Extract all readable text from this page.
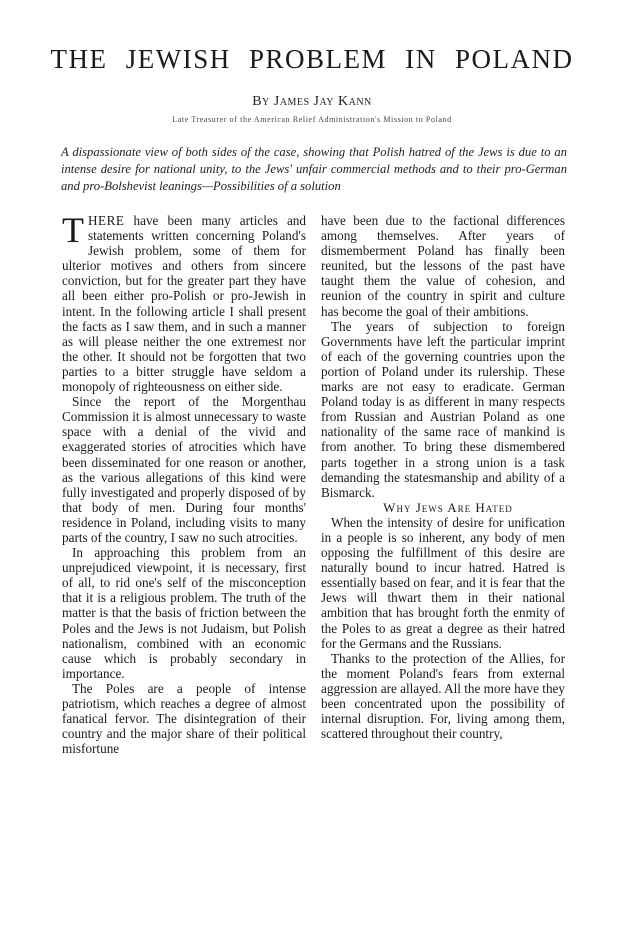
THE JEWISH PROBLEM IN POLAND
By James Jay Kann
Late Treasurer of the American Relief Administration's Mission to Poland
A dispassionate view of both sides of the case, showing that Polish hatred of the Jews is due to an intense desire for national unity, to the Jews' unfair commercial methods and to their pro-German and pro-Bolshevist leanings—Possibilities of a solution

THERE have been many articles and statements written concerning Poland's Jewish problem, some of them for ulterior motives and others from sincere conviction, but for the greater part they have all been either pro-Polish or pro-Jewish in intent. In the following article I shall present the facts as I saw them, and in such a manner as will please neither the one extremest nor the other. It should not be forgotten that two parties to a bitter struggle have seldom a monopoly of righteousness on either side.

Since the report of the Morgenthau Commission it is almost unnecessary to waste space with a denial of the vivid and exaggerated stories of atrocities which have been disseminated for one reason or another, as the various allegations of this kind were fully investigated and properly disposed of by that body of men. During four months' residence in Poland, including visits to many parts of the country, I saw no such atrocities.

In approaching this problem from an unprejudiced viewpoint, it is necessary, first of all, to rid one's self of the misconception that it is a religious problem. The truth of the matter is that the basis of friction between the Poles and the Jews is not Judaism, but Polish nationalism, combined with an economic cause which is probably secondary in importance.

The Poles are a people of intense patriotism, which reaches a degree of almost fanatical fervor. The disintegration of their country and the major share of their political misfortune

have been due to the factional differences among themselves. After years of dismemberment Poland has finally been reunited, but the lessons of the past have taught them the value of cohesion, and reunion of the country in spirit and culture has become the goal of their ambitions.

The years of subjection to foreign Governments have left the particular imprint of each of the governing countries upon the portion of Poland under its rulership. These marks are not easy to eradicate. German Poland today is as different in many respects from Russian and Austrian Poland as one nationality of the same race of mankind is from another. To bring these dismembered parts together in a strong union is a task demanding the statesmanship and ability of a Bismarck.

Why Jews Are Hated

When the intensity of desire for unification in a people is so inherent, any body of men opposing the fulfillment of this desire are naturally bound to incur hatred. Hatred is essentially based on fear, and it is fear that the Jews will thwart them in their national ambition that has brought forth the enmity of the Poles to as great a degree as their hatred for the Germans and the Russians.

Thanks to the protection of the Allies, for the moment Poland's fears from external aggression are allayed. All the more have they been concentrated upon the possibility of internal disruption. For, living among them, scattered throughout their country,
